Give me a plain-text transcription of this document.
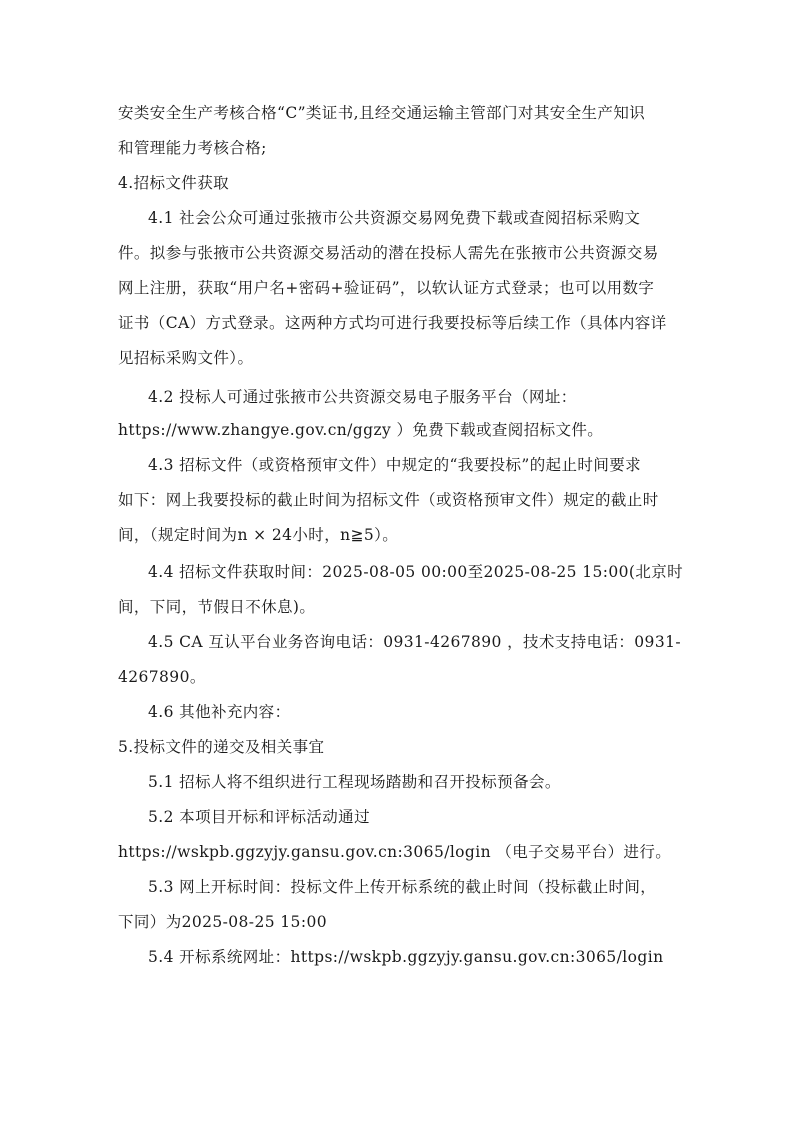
安类安全生产考核合格“C”类证书,且经交通运输主管部门对其安全生产知识
和管理能力考核合格;
4.招标文件获取
4.1 社会公众可通过张掖市公共资源交易网免费下载或查阅招标采购文
件。拟参与张掖市公共资源交易活动的潜在投标人需先在张掖市公共资源交易
网上注册，获取“用户名+密码+验证码”，以软认证方式登录；也可以用数字
证书（CA）方式登录。这两种方式均可进行我要投标等后续工作（具体内容详
见招标采购文件）。
4.2 投标人可通过张掖市公共资源交易电子服务平台（网址：
https://www.zhangye.gov.cn/ggzy ）免费下载或查阅招标文件。
4.3 招标文件（或资格预审文件）中规定的“我要投标”的起止时间要求
如下：网上我要投标的截止时间为招标文件（或资格预审文件）规定的截止时
间，（规定时间为n × 24小时，n≧5）。
4.4 招标文件获取时间：2025-08-05 00:00至2025-08-25 15:00(北京时
间，下同，节假日不休息)。
4.5 CA 互认平台业务咨询电话：0931-4267890 ，技术支持电话：0931-
4267890。
4.6 其他补充内容：
5.投标文件的递交及相关事宜
5.1 招标人将不组织进行工程现场踏勘和召开投标预备会。
5.2 本项目开标和评标活动通过
https://wskpb.ggzyjy.gansu.gov.cn:3065/login （电子交易平台）进行。
5.3 网上开标时间：投标文件上传开标系统的截止时间（投标截止时间，
下同）为2025-08-25 15:00
5.4 开标系统网址：https://wskpb.ggzyjy.gansu.gov.cn:3065/login
